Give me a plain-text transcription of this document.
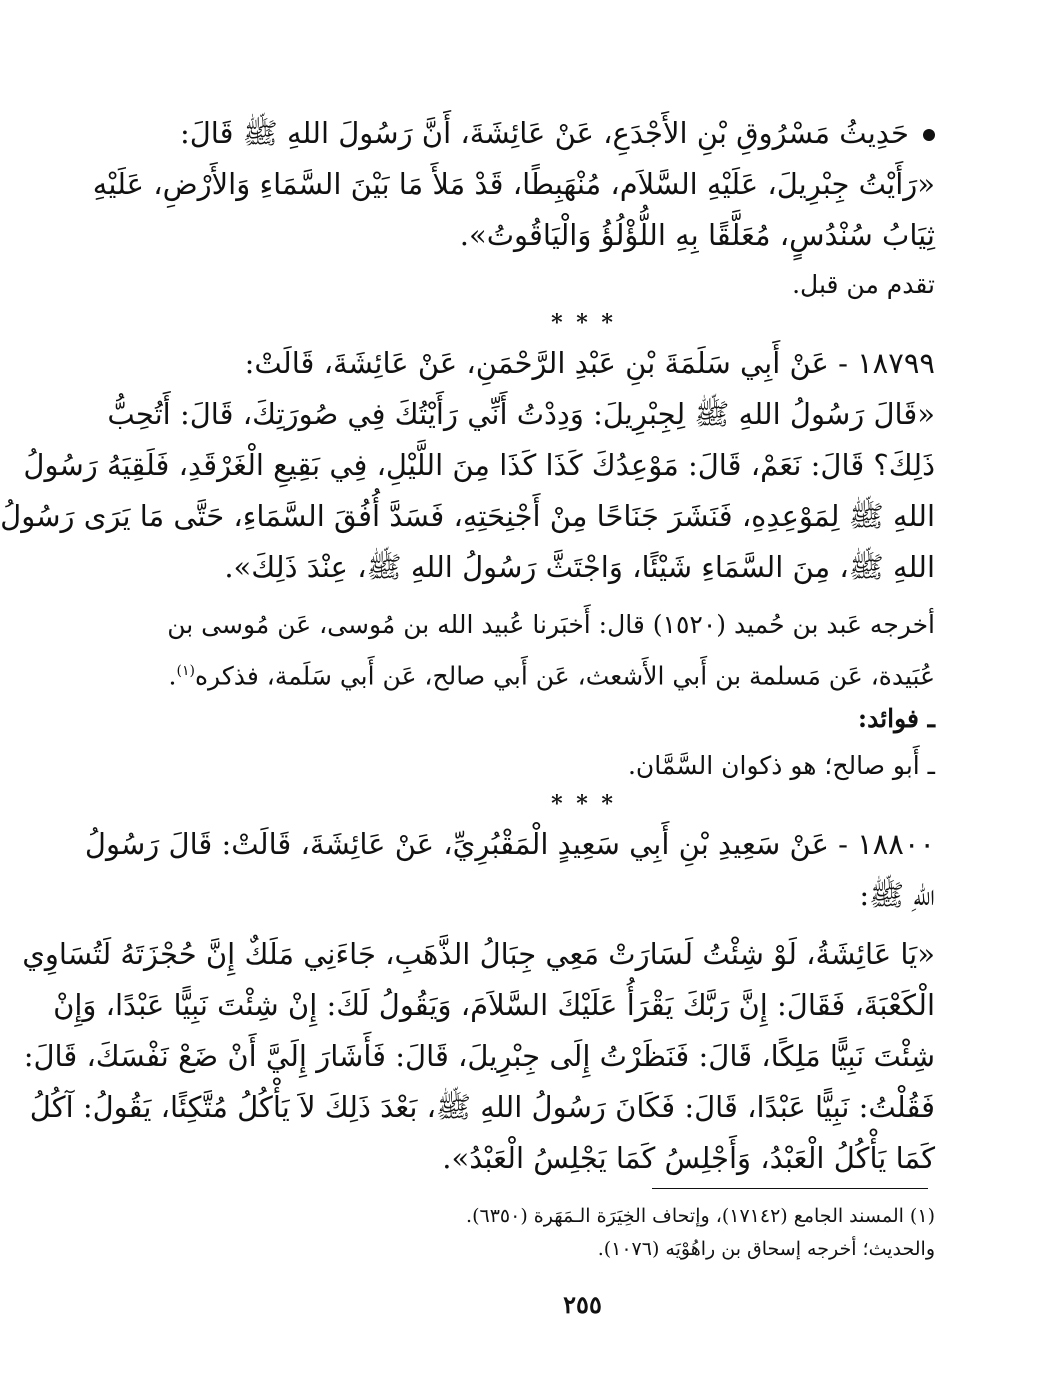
حَدِيثُ مَسْرُوقِ بْنِ الأَجْدَعِ، عَنْ عَائِشَةَ، أَنَّ رَسُولَ اللهِ ﷺ قَالَ:
«رَأَيْتُ جِبْرِيلَ، عَلَيْهِ السَّلاَم، مُنْهَبِطًا، قَدْ مَلأَ مَا بَيْنَ السَّمَاءِ وَالأَرْضِ، عَلَيْهِ
ثِيَابُ سُنْدُسٍ، مُعَلَّقًا بِهِ اللُّؤْلُؤُ وَالْيَاقُوتُ».
تقدم من قبل.
* * *
١٨٧٩٩ - عَنْ أَبِي سَلَمَةَ بْنِ عَبْدِ الرَّحْمَنِ، عَنْ عَائِشَةَ، قَالَتْ:
«قَالَ رَسُولُ اللهِ ﷺ لِجِبْرِيلَ: وَدِدْتُ أَنِّي رَأَيْتُكَ فِي صُورَتِكَ، قَالَ: أَتُحِبُّ
ذَلِكَ؟ قَالَ: نَعَمْ، قَالَ: مَوْعِدُكَ كَذَا كَذَا مِنَ اللَّيْلِ، فِي بَقِيعِ الْغَرْقَدِ، فَلَقِيَهُ رَسُولُ
اللهِ ﷺ لِمَوْعِدِهِ، فَنَشَرَ جَنَاحًا مِنْ أَجْنِحَتِهِ، فَسَدَّ أُفُقَ السَّمَاءِ، حَتَّى مَا يَرَى رَسُولُ
اللهِ ﷺ، مِنَ السَّمَاءِ شَيْئًا، وَاجْتَثَّ رَسُولُ اللهِ ﷺ، عِنْدَ ذَلِكَ».
أخرجه عَبد بن حُميد (١٥٢٠) قال: أَخبَرنا عُبيد الله بن مُوسى، عَن مُوسى بن
عُبَيدة، عَن مَسلمة بن أَبي الأَشعث، عَن أَبي صالح، عَن أَبي سَلَمة، فذكره$^{(١)}$.
ـ فوائد:
ـ أَبو صالح؛ هو ذكوان السَّمَّان.
* * *
١٨٨٠٠ - عَنْ سَعِيدِ بْنِ أَبِي سَعِيدٍ الْمَقْبُرِيِّ، عَنْ عَائِشَةَ، قَالَتْ: قَالَ رَسُولُ
اللهِ ﷺ:
«يَا عَائِشَةُ، لَوْ شِئْتُ لَسَارَتْ مَعِي جِبَالُ الذَّهَبِ، جَاءَنِي مَلَكٌ إِنَّ حُجْزَتَهُ لَتُسَاوِي
الْكَعْبَةَ، فَقَالَ: إِنَّ رَبَّكَ يَقْرَأُ عَلَيْكَ السَّلاَمَ، وَيَقُولُ لَكَ: إِنْ شِئْتَ نَبِيًّا عَبْدًا، وَإِنْ
شِئْتَ نَبِيًّا مَلِكًا، قَالَ: فَنَظَرْتُ إِلَى جِبْرِيلَ، قَالَ: فَأَشَارَ إِلَيَّ أَنْ ضَعْ نَفْسَكَ، قَالَ:
فَقُلْتُ: نَبِيًّا عَبْدًا، قَالَ: فَكَانَ رَسُولُ اللهِ ﷺ، بَعْدَ ذَلِكَ لاَ يَأْكُلُ مُتَّكِئًا، يَقُولُ: آكُلُ
كَمَا يَأْكُلُ الْعَبْدُ، وَأَجْلِسُ كَمَا يَجْلِسُ الْعَبْدُ».
(١) المسند الجامع (١٧١٤٢)، وإتحاف الخِيَرَة الـمَهَرة (٦٣٥٠).
والحديث؛ أخرجه إسحاق بن راهُوْيَه (١٠٧٦).
٢٥٥
